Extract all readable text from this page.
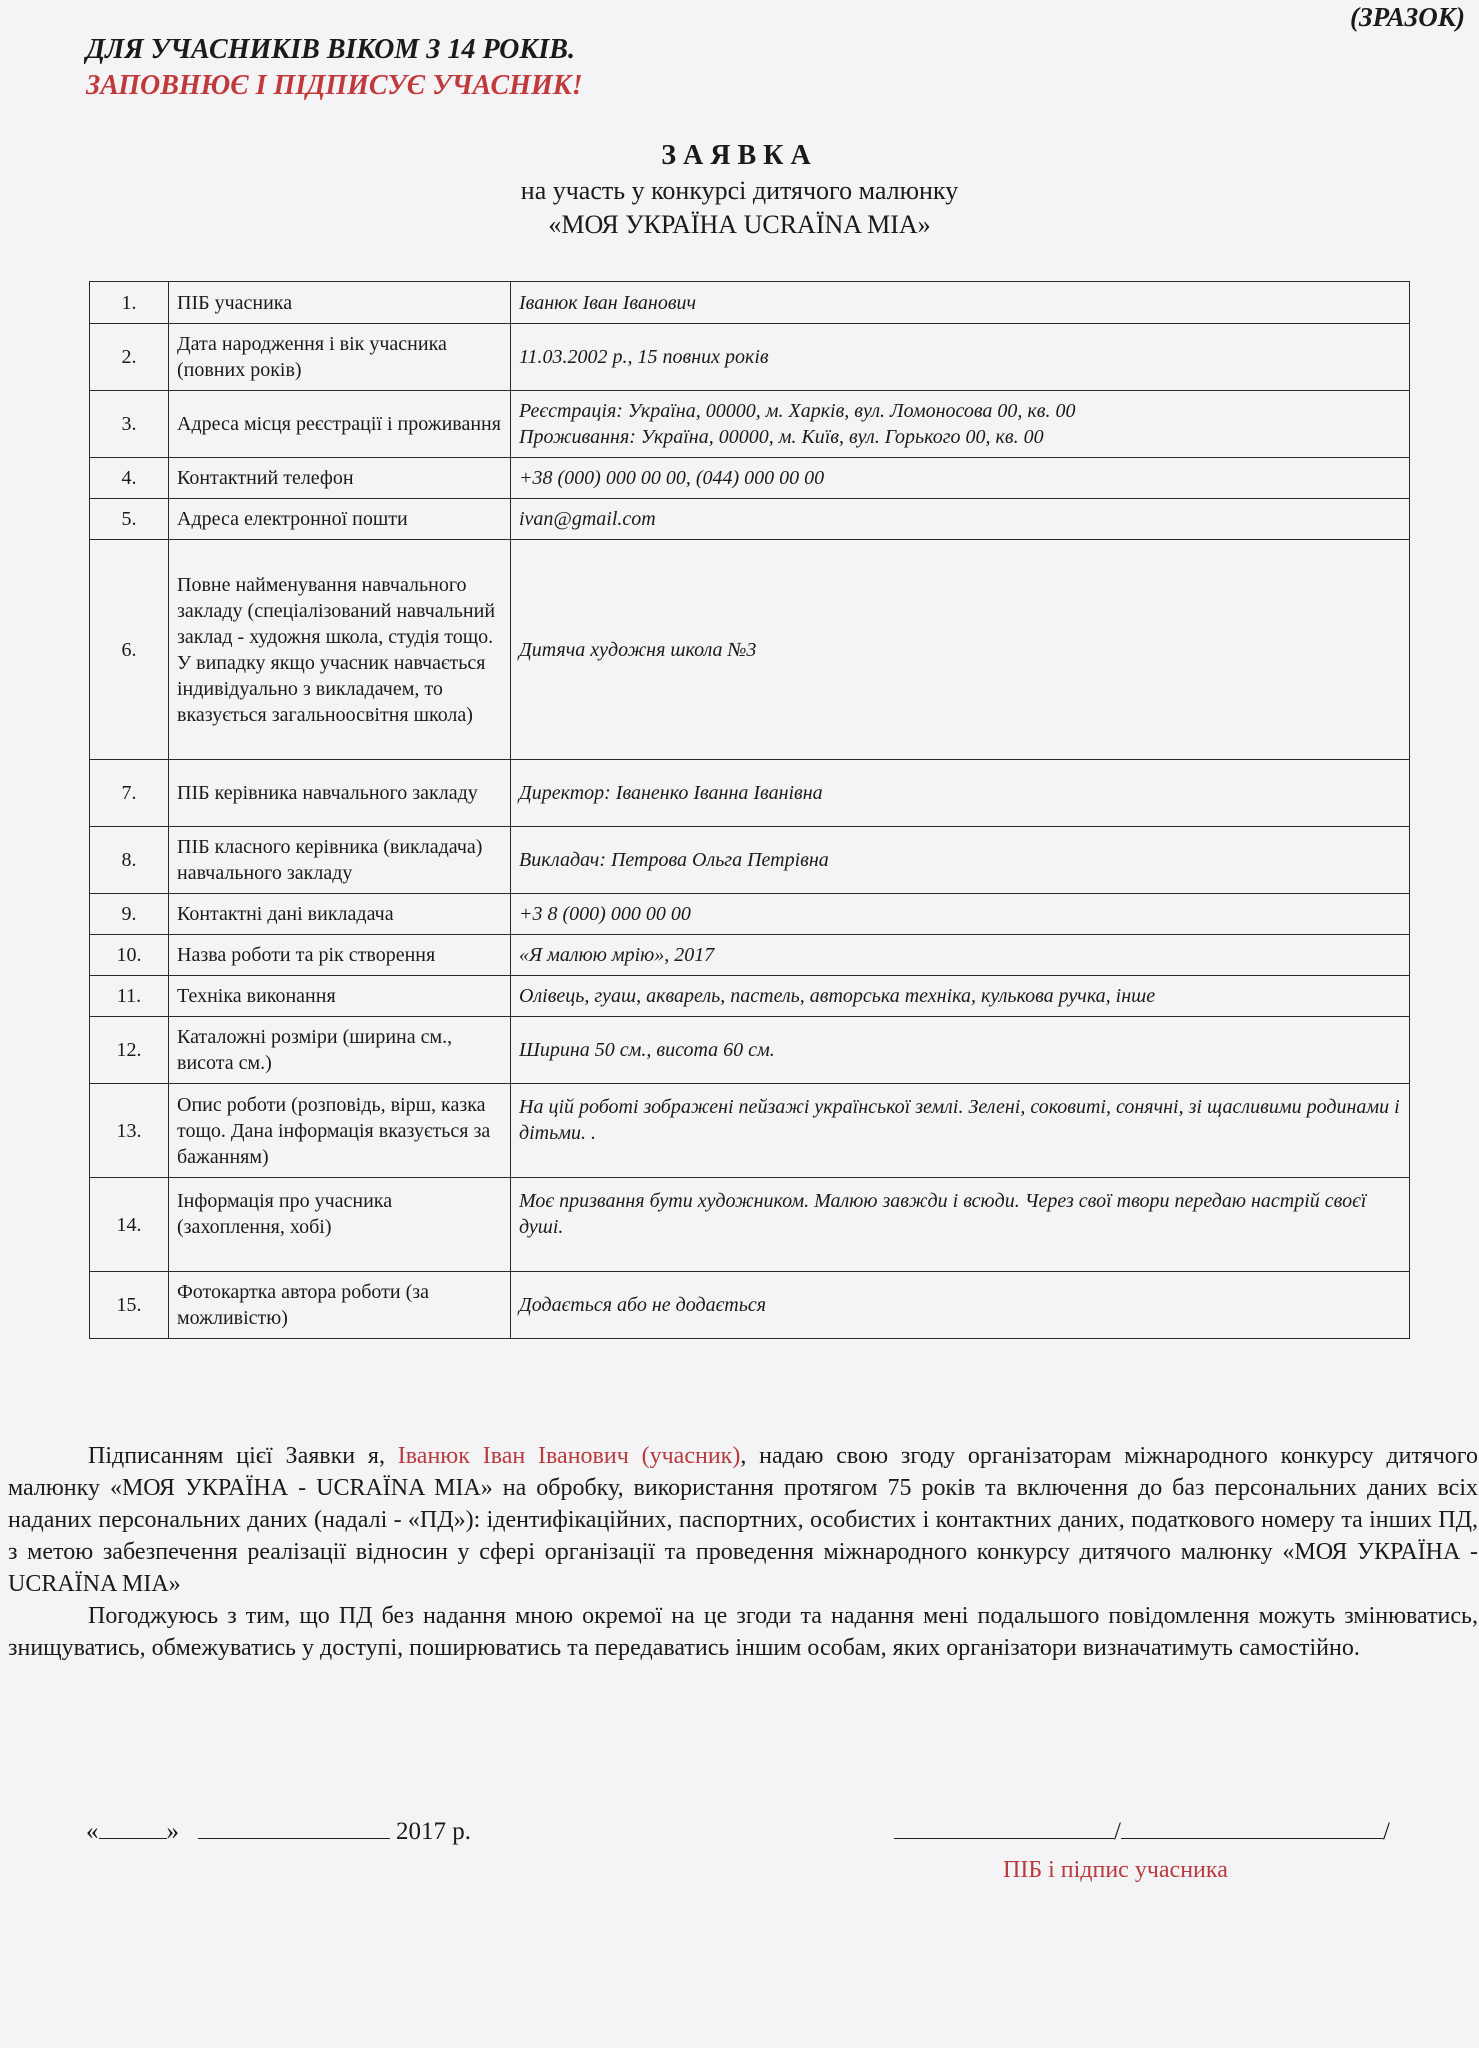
(ЗРАЗОК)
ДЛЯ УЧАСНИКІВ ВІКОМ З 14 РОКІВ.
ЗАПОВНЮЄ І ПІДПИСУЄ УЧАСНИК!
ЗАЯВКА
на участь у конкурсі дитячого малюнку
«МОЯ УКРАЇНА UCRAÏNA MIA»
1.	ПІБ учасника	Іванюк Іван Іванович
2.	Дата народження і вік учасника (повних років)	11.03.2002 р., 15 повних років
3.	Адреса місця реєстрації і проживання	Реєстрація: Україна, 00000, м. Харків, вул. Ломоносова 00, кв. 00
Проживання: Україна, 00000, м. Київ, вул. Горького 00, кв. 00

4.	Контактний телефон	+38 (000) 000 00 00, (044) 000 00 00
5.	Адреса електронної пошти	ivan@gmail.com
6.	Повне найменування навчального закладу (спеціалізований навчальний заклад - художня школа, студія тощо. У випадку якщо учасник навчається індивідуально з викладачем, то вказується загальноосвітня школа)	Дитяча художня школа №3
7.	ПІБ керівника навчального закладу	Директор: Іваненко Іванна Іванівна
8.	ПІБ класного керівника (викладача) навчального закладу	Викладач: Петрова Ольга Петрівна
9.	Контактні дані викладача	+3 8 (000) 000 00 00
10.	Назва роботи та рік створення	«Я малюю мрію», 2017
11.	Техніка виконання	Олівець, гуаш, акварель, пастель, авторська техніка, кулькова ручка, інше
12.	Каталожні розміри (ширина см., висота см.)	Ширина 50 см., висота 60 см.
13.	Опис роботи (розповідь, вірш, казка тощо. Дана інформація вказується за бажанням)	На цій роботі зображені пейзажі української землі. Зелені, соковиті, сонячні, зі щасливими родинами і дітьми. .
14.	Інформація про учасника (захоплення, хобі)	Моє призвання бути художником. Малюю завжди і всюди. Через свої твори передаю настрій своєї душі.
15.	Фотокартка автора роботи (за можливістю)	Додається або не додається

Підписанням цієї Заявки я, Іванюк Іван Іванович (учасник), надаю свою згоду організаторам міжнародного конкурсу дитячого малюнку «МОЯ УКРАЇНА - UCRAÏNA MIA» на обробку, використання протягом 75 років та включення до баз персональних даних всіх наданих персональних даних (надалі - «ПД»): ідентифікаційних, паспортних, особистих і контактних даних, податкового номеру та інших ПД, з метою забезпечення реалізації відносин у сфері організації та проведення міжнародного конкурсу дитячого малюнку «МОЯ УКРАЇНА - UCRAÏNA MIA»

Погоджуюсь з тим, що ПД без надання мною окремої на це згоди та надання мені подальшого повідомлення можуть змінюватись, знищуватись, обмежуватись у доступі, поширюватись та передаватись іншим особам, яких організатори визначатимуть самостійно.

«	»	2017 р.	/	/
ПІБ і підпис учасника
